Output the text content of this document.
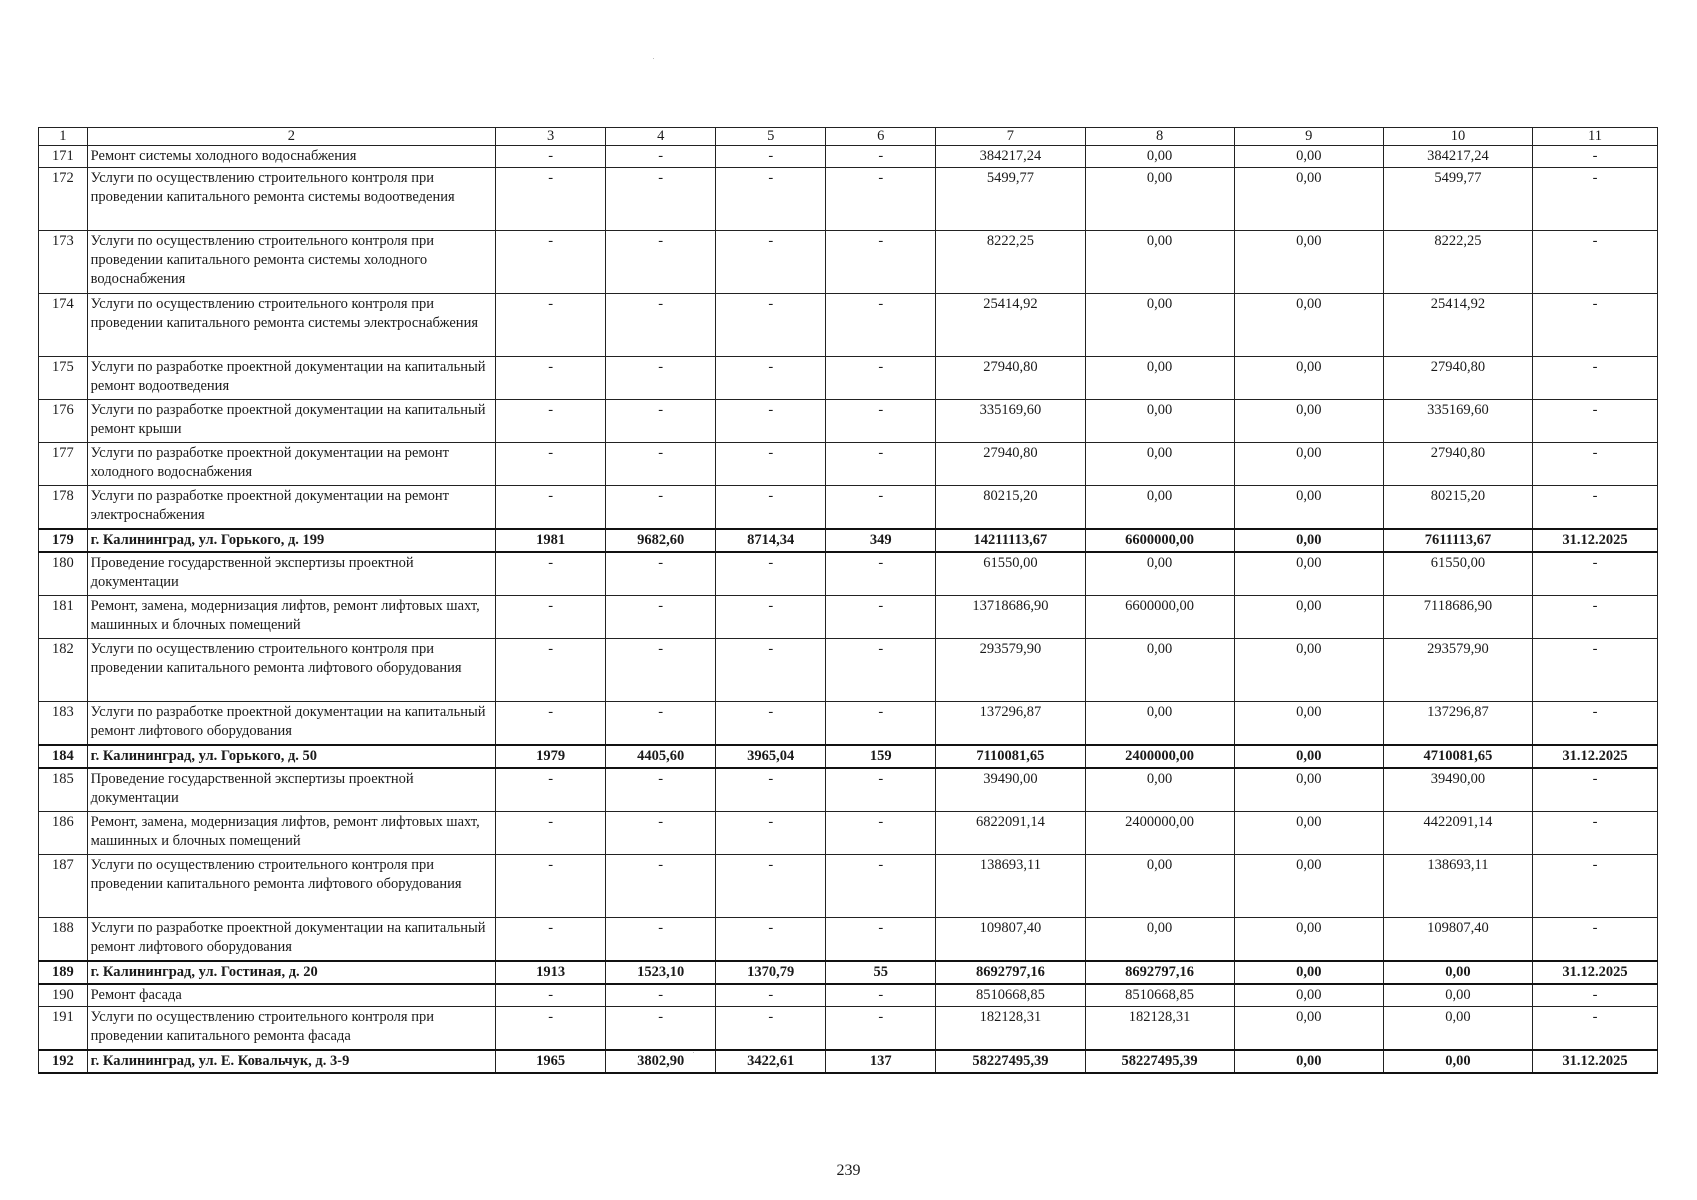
1	2	3	4	5	6	7	8	9	10	11
171	Ремонт системы холодного водоснабжения	-	-	-	-	384217,24	0,00	0,00	384217,24	-
172	Услуги по осуществлению строительного контроля при проведении капитального ремонта системы водоотведения	-	-	-	-	5499,77	0,00	0,00	5499,77	-
173	Услуги по осуществлению строительного контроля при проведении капитального ремонта системы холодного водоснабжения	-	-	-	-	8222,25	0,00	0,00	8222,25	-
174	Услуги по осуществлению строительного контроля при проведении капитального ремонта системы электроснабжения	-	-	-	-	25414,92	0,00	0,00	25414,92	-
175	Услуги по разработке проектной документации на капитальный ремонт водоотведения	-	-	-	-	27940,80	0,00	0,00	27940,80	-
176	Услуги по разработке проектной документации на капитальный ремонт крыши	-	-	-	-	335169,60	0,00	0,00	335169,60	-
177	Услуги по разработке проектной документации на ремонт холодного водоснабжения	-	-	-	-	27940,80	0,00	0,00	27940,80	-
178	Услуги по разработке проектной документации на ремонт электроснабжения	-	-	-	-	80215,20	0,00	0,00	80215,20	-
179	г. Калининград, ул. Горького, д. 199	1981	9682,60	8714,34	349	14211113,67	6600000,00	0,00	7611113,67	31.12.2025
180	Проведение государственной экспертизы проектной документации	-	-	-	-	61550,00	0,00	0,00	61550,00	-
181	Ремонт, замена, модернизация лифтов, ремонт лифтовых шахт, машинных и блочных помещений	-	-	-	-	13718686,90	6600000,00	0,00	7118686,90	-
182	Услуги по осуществлению строительного контроля при проведении капитального ремонта лифтового оборудования	-	-	-	-	293579,90	0,00	0,00	293579,90	-
183	Услуги по разработке проектной документации на капитальный ремонт лифтового оборудования	-	-	-	-	137296,87	0,00	0,00	137296,87	-
184	г. Калининград, ул. Горького, д. 50	1979	4405,60	3965,04	159	7110081,65	2400000,00	0,00	4710081,65	31.12.2025
185	Проведение государственной экспертизы проектной документации	-	-	-	-	39490,00	0,00	0,00	39490,00	-
186	Ремонт, замена, модернизация лифтов, ремонт лифтовых шахт, машинных и блочных помещений	-	-	-	-	6822091,14	2400000,00	0,00	4422091,14	-
187	Услуги по осуществлению строительного контроля при проведении капитального ремонта лифтового оборудования	-	-	-	-	138693,11	0,00	0,00	138693,11	-
188	Услуги по разработке проектной документации на капитальный ремонт лифтового оборудования	-	-	-	-	109807,40	0,00	0,00	109807,40	-
189	г. Калининград, ул. Гостиная, д. 20	1913	1523,10	1370,79	55	8692797,16	8692797,16	0,00	0,00	31.12.2025
190	Ремонт фасада	-	-	-	-	8510668,85	8510668,85	0,00	0,00	-
191	Услуги по осуществлению строительного контроля при проведении капитального ремонта фасада	-	-	-	-	182128,31	182128,31	0,00	0,00	-
192	г. Калининград, ул. Е. Ковальчук, д. 3-9	1965	3802,90	3422,61	137	58227495,39	58227495,39	0,00	0,00	31.12.2025
239
